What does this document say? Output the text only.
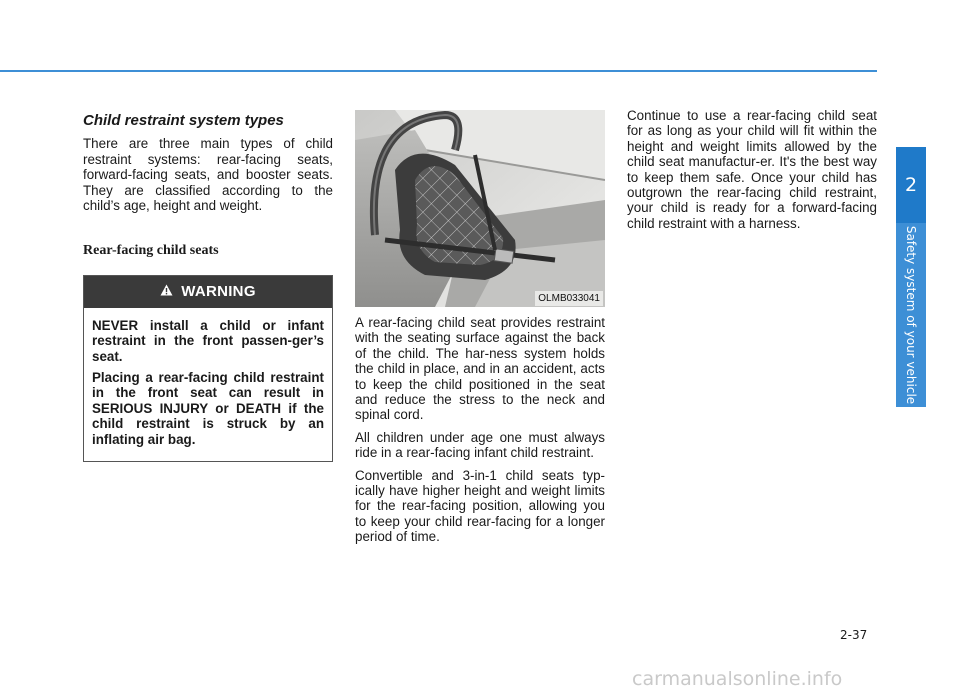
2
Safety system of your vehicle
Child restraint system types

There are three main types of child restraint systems: rear-facing seats, forward-facing seats, and booster seats. They are classified according to the child’s age, height and weight.

Rear-facing child seats
WARNING

NEVER install a child or infant restraint in the front passen-ger’s seat.

Placing a rear-facing child restraint in the front seat can result in SERIOUS INJURY or DEATH if the child restraint is struck by an inflating air bag.

OLMB033041

A rear-facing child seat provides restraint with the seating surface against the back of the child. The har-ness system holds the child in place, and in an accident, acts to keep the child positioned in the seat and reduce the stress to the neck and spinal cord.

All children under age one must always ride in a rear-facing infant child restraint.

Convertible and 3-in-1 child seats typ-ically have higher height and weight limits for the rear-facing position, allowing you to keep your child rear-facing for a longer period of time.

Continue to use a rear-facing child seat for as long as your child will fit within the height and weight limits allowed by the child seat manufactur-er. It's the best way to keep them safe. Once your child has outgrown the rear-facing child restraint, your child is ready for a forward-facing child restraint with a harness.

2-37
carmanualsonline.info
